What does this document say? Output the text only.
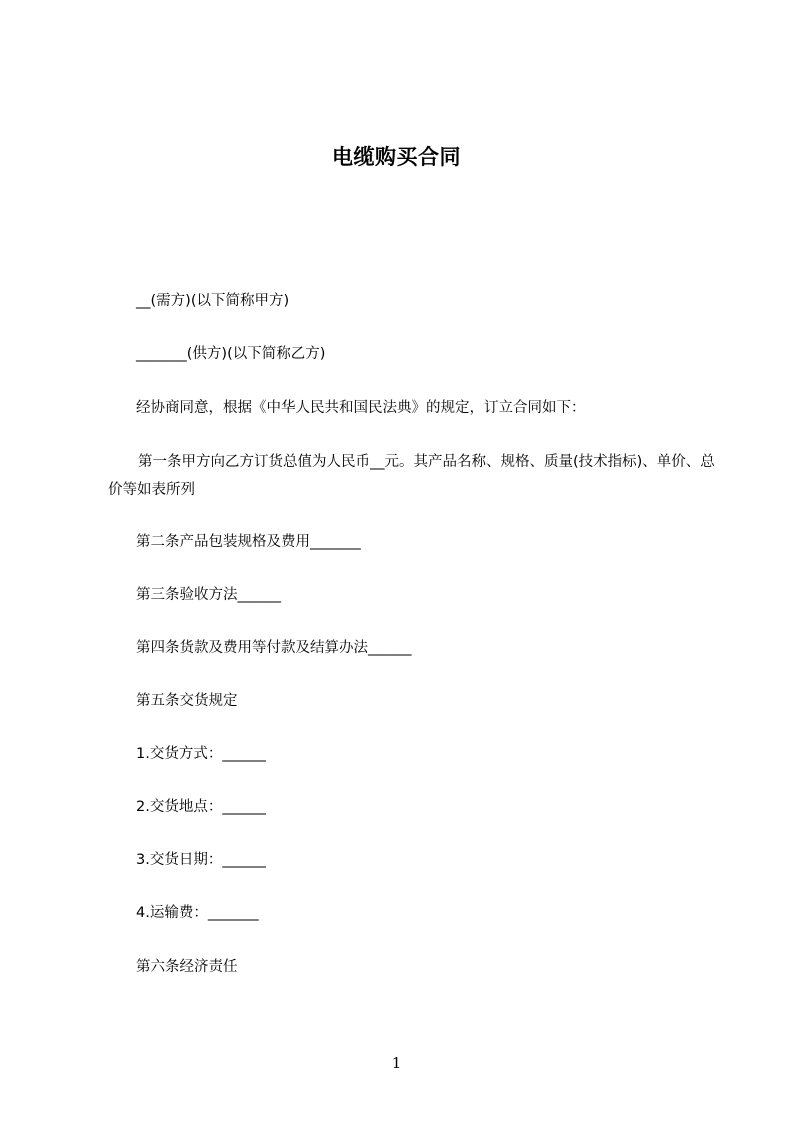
电缆购买合同
__(需方)(以下简称甲方)
_______(供方)(以下简称乙方)
经协商同意，根据《中华人民共和国民法典》的规定，订立合同如下：
第一条甲方向乙方订货总值为人民币__元。其产品名称、规格、质量(技术指标)、单价、总价等如表所列
第二条产品包装规格及费用_______
第三条验收方法______
第四条货款及费用等付款及结算办法______
第五条交货规定
1.交货方式：______
2.交货地点：______
3.交货日期：______
4.运输费：_______
第六条经济责任
1
